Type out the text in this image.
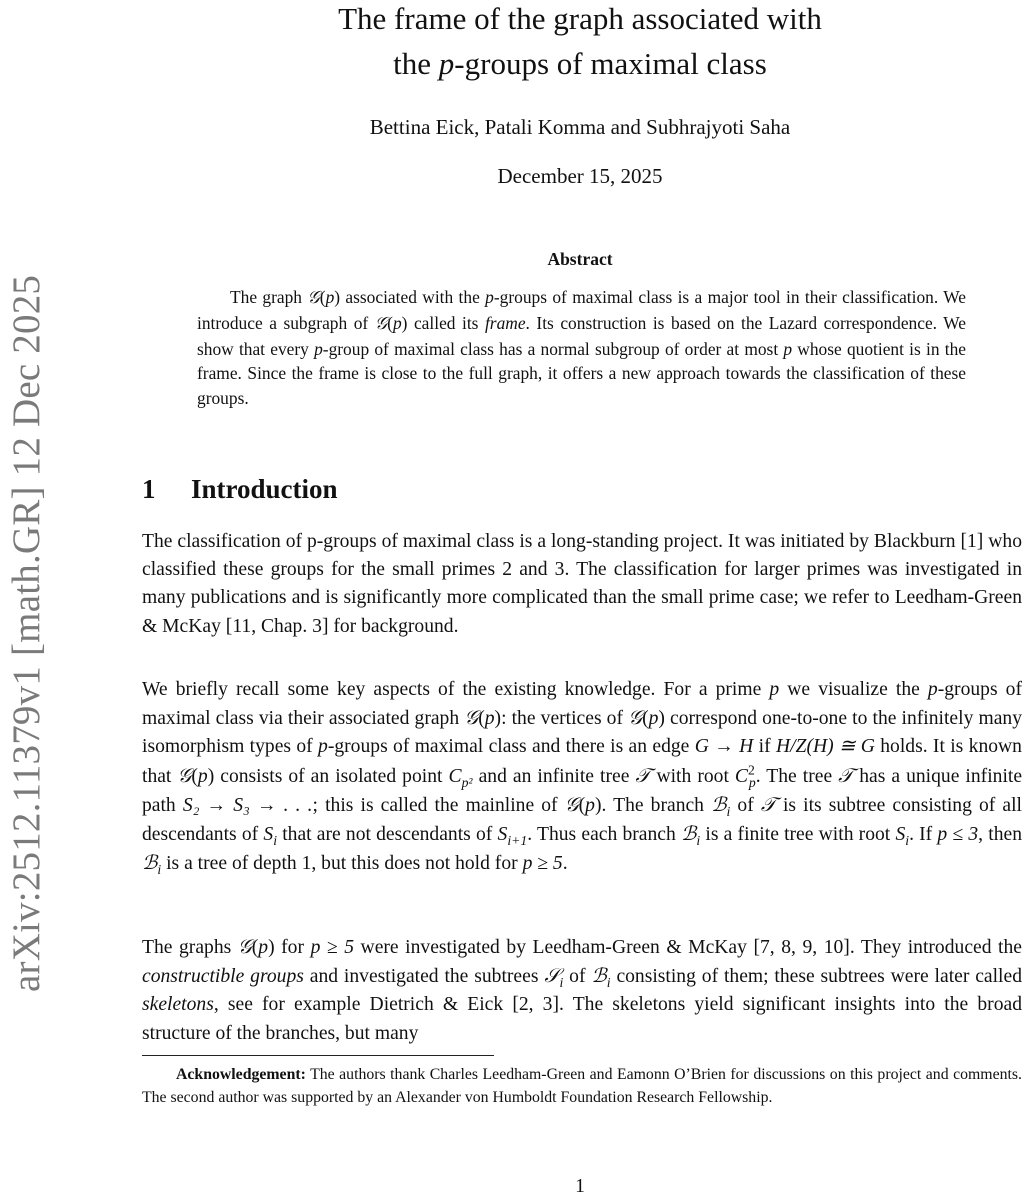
arXiv:2512.11379v1 [math.GR] 12 Dec 2025
The frame of the graph associated with
the p-groups of maximal class
Bettina Eick, Patali Komma and Subhrajyoti Saha
December 15, 2025
Abstract

The graph 𝒢(p) associated with the p-groups of maximal class is a major tool in their classification. We introduce a subgraph of 𝒢(p) called its frame. Its construction is based on the Lazard correspondence. We show that every p-group of maximal class has a normal subgroup of order at most p whose quotient is in the frame. Since the frame is close to the full graph, it offers a new approach towards the classification of these groups.

1 Introduction

The classification of p-groups of maximal class is a long-standing project. It was initiated by Blackburn [1] who classified these groups for the small primes 2 and 3. The classification for larger primes was investigated in many publications and is significantly more complicated than the small prime case; we refer to Leedham-Green & McKay [11, Chap. 3] for background.

We briefly recall some key aspects of the existing knowledge. For a prime p we visualize the p-groups of maximal class via their associated graph 𝒢(p): the vertices of 𝒢(p) correspond one-to-one to the infinitely many isomorphism types of p-groups of maximal class and there is an edge G → H if H/Z(H) ≅ G holds. It is known that 𝒢(p) consists of an isolated point $C_{p^2}$ and an infinite tree 𝒯 with root $C^2_p$. The tree 𝒯 has a unique infinite path S₂ → S₃ → . . .; this is called the mainline of 𝒢(p). The branch ℬ$_i$ of 𝒯 is its subtree consisting of all descendants of $S_i$ that are not descendants of $S_{i+1}$. Thus each branch ℬ$_i$ is a finite tree with root $S_i$. If p ≤ 3, then ℬ$_i$ is a tree of depth 1, but this does not hold for p ≥ 5.

The graphs 𝒢(p) for p ≥ 5 were investigated by Leedham-Green & McKay [7, 8, 9, 10]. They introduced the constructible groups and investigated the subtrees 𝒮$_i$ of ℬ$_i$ consisting of them; these subtrees were later called skeletons, see for example Dietrich & Eick [2, 3]. The skeletons yield significant insights into the broad structure of the branches, but many

Acknowledgement: The authors thank Charles Leedham-Green and Eamonn O’Brien for discussions on this project and comments. The second author was supported by an Alexander von Humboldt Foundation Research Fellowship.

1
